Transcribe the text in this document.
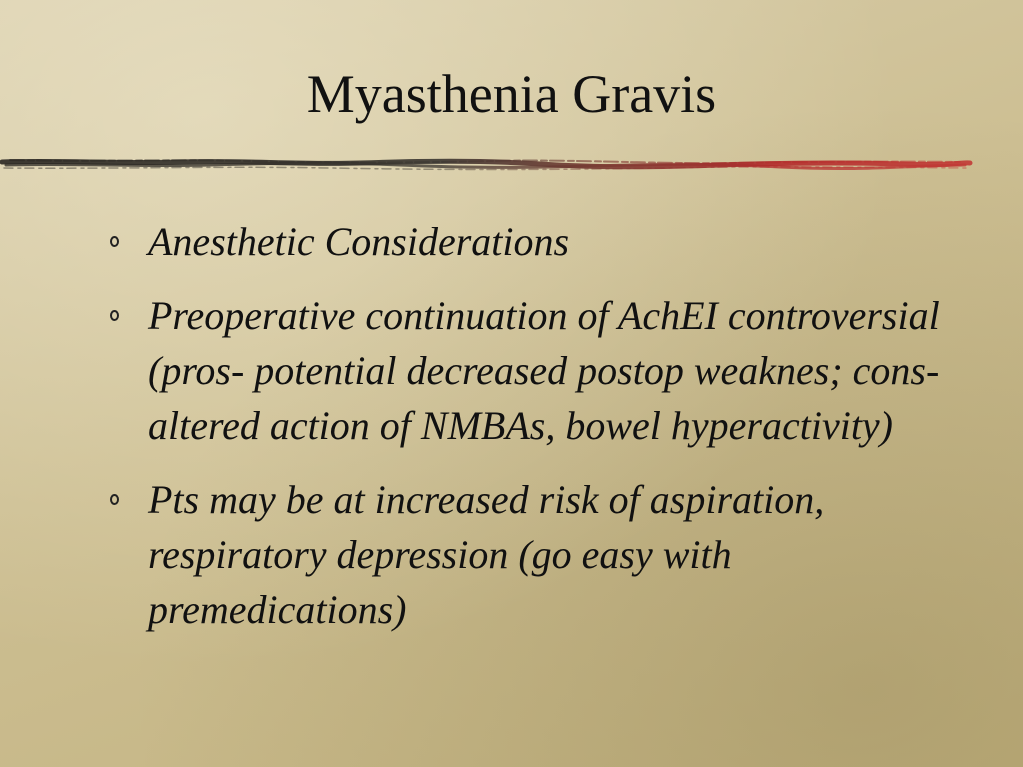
Myasthenia Gravis
Anesthetic Considerations
Preoperative continuation of AchEI controversial (pros- potential decreased postop weaknes; cons- altered action of NMBAs, bowel hyperactivity)
Pts may be at increased risk of aspiration, respiratory depression (go easy with premedications)
